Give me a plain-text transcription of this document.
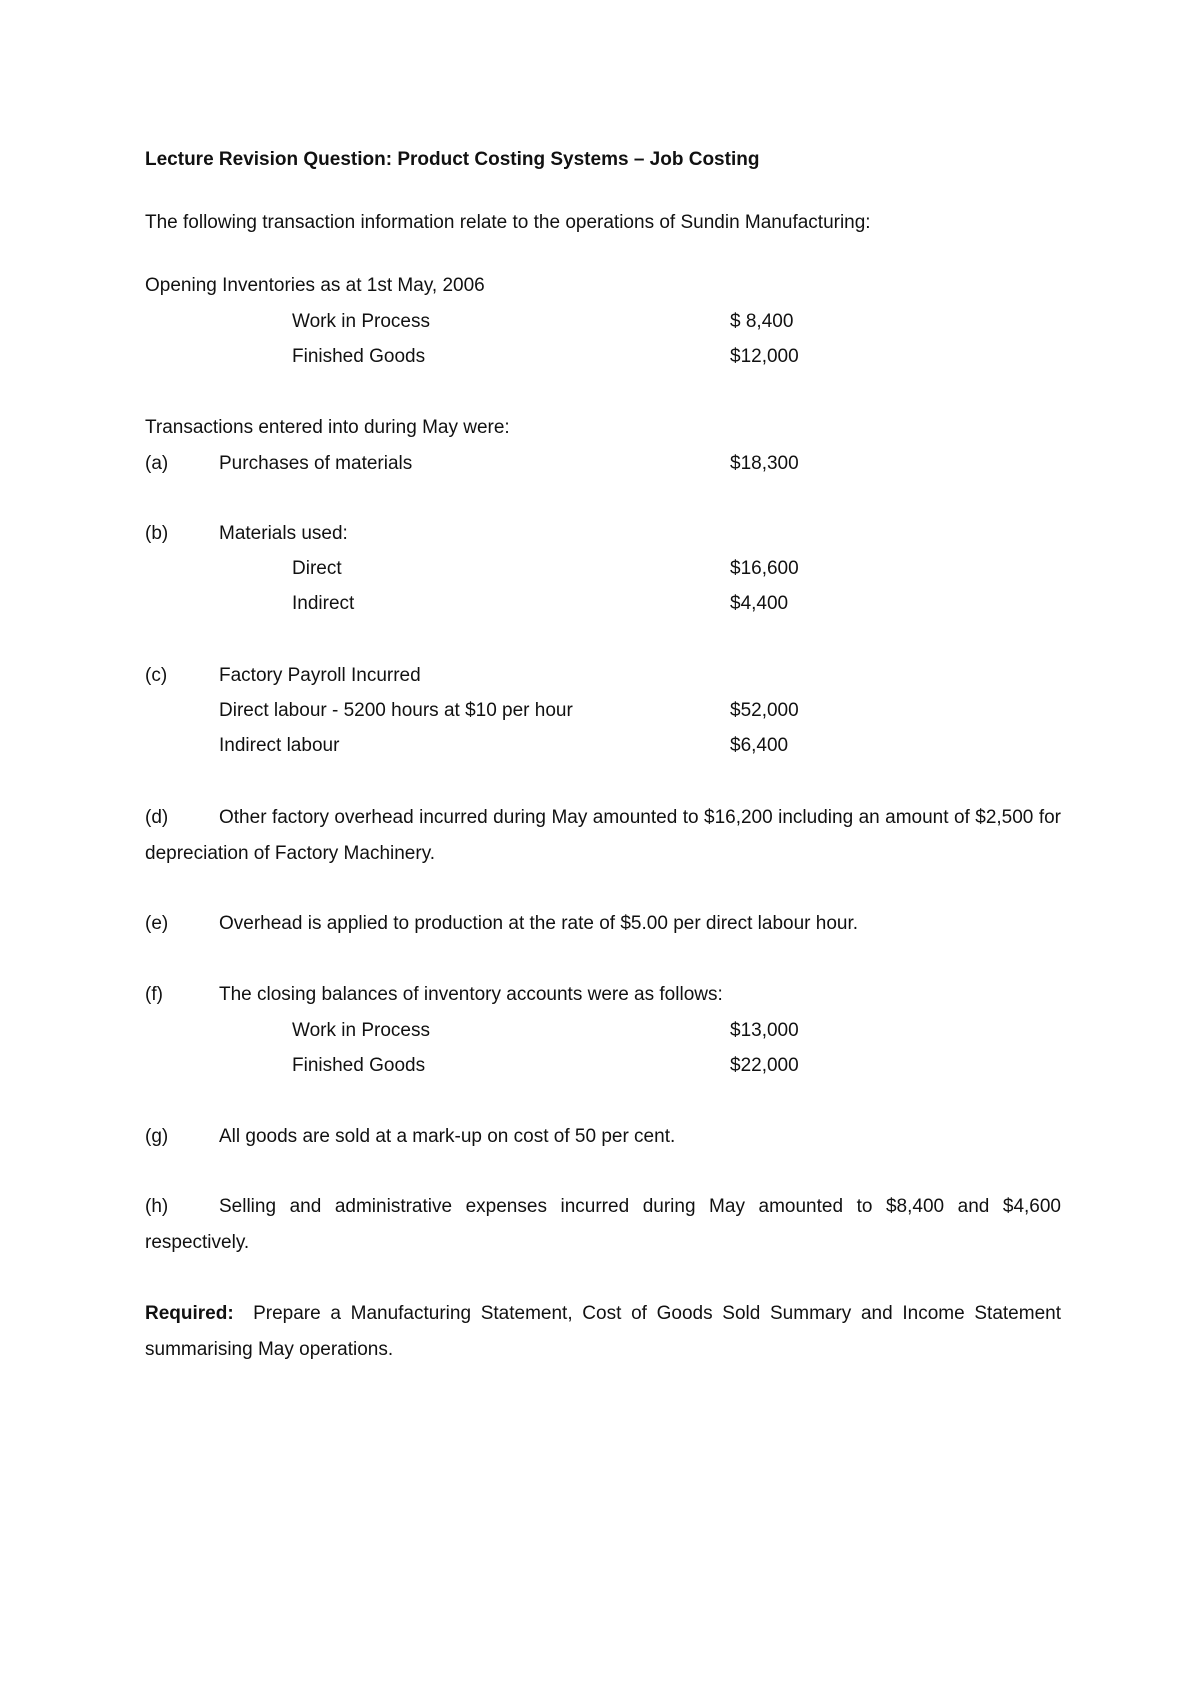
Lecture Revision Question: Product Costing Systems – Job Costing
The following transaction information relate to the operations of Sundin Manufacturing:
Opening Inventories as at 1st May, 2006
Work in Process	$ 8,400
Finished Goods	$12,000
Transactions entered into during May were:
(a)	Purchases of materials	$18,300
(b)	Materials used:
Direct	$16,600
Indirect	$4,400
(c)	Factory Payroll Incurred
Direct labour - 5200 hours at $10 per hour	$52,000
Indirect labour	$6,400
(d)	Other factory overhead incurred during May amounted to $16,200 including an amount of $2,500 for depreciation of Factory Machinery.
(e)	Overhead is applied to production at the rate of $5.00 per direct labour hour.
(f)	The closing balances of inventory accounts were as follows:
Work in Process	$13,000
Finished Goods	$22,000
(g)	All goods are sold at a mark-up on cost of 50 per cent.
(h)	Selling and administrative expenses incurred during May amounted to $8,400 and $4,600 respectively.
Required: Prepare a Manufacturing Statement, Cost of Goods Sold Summary and Income Statement summarising May operations.
